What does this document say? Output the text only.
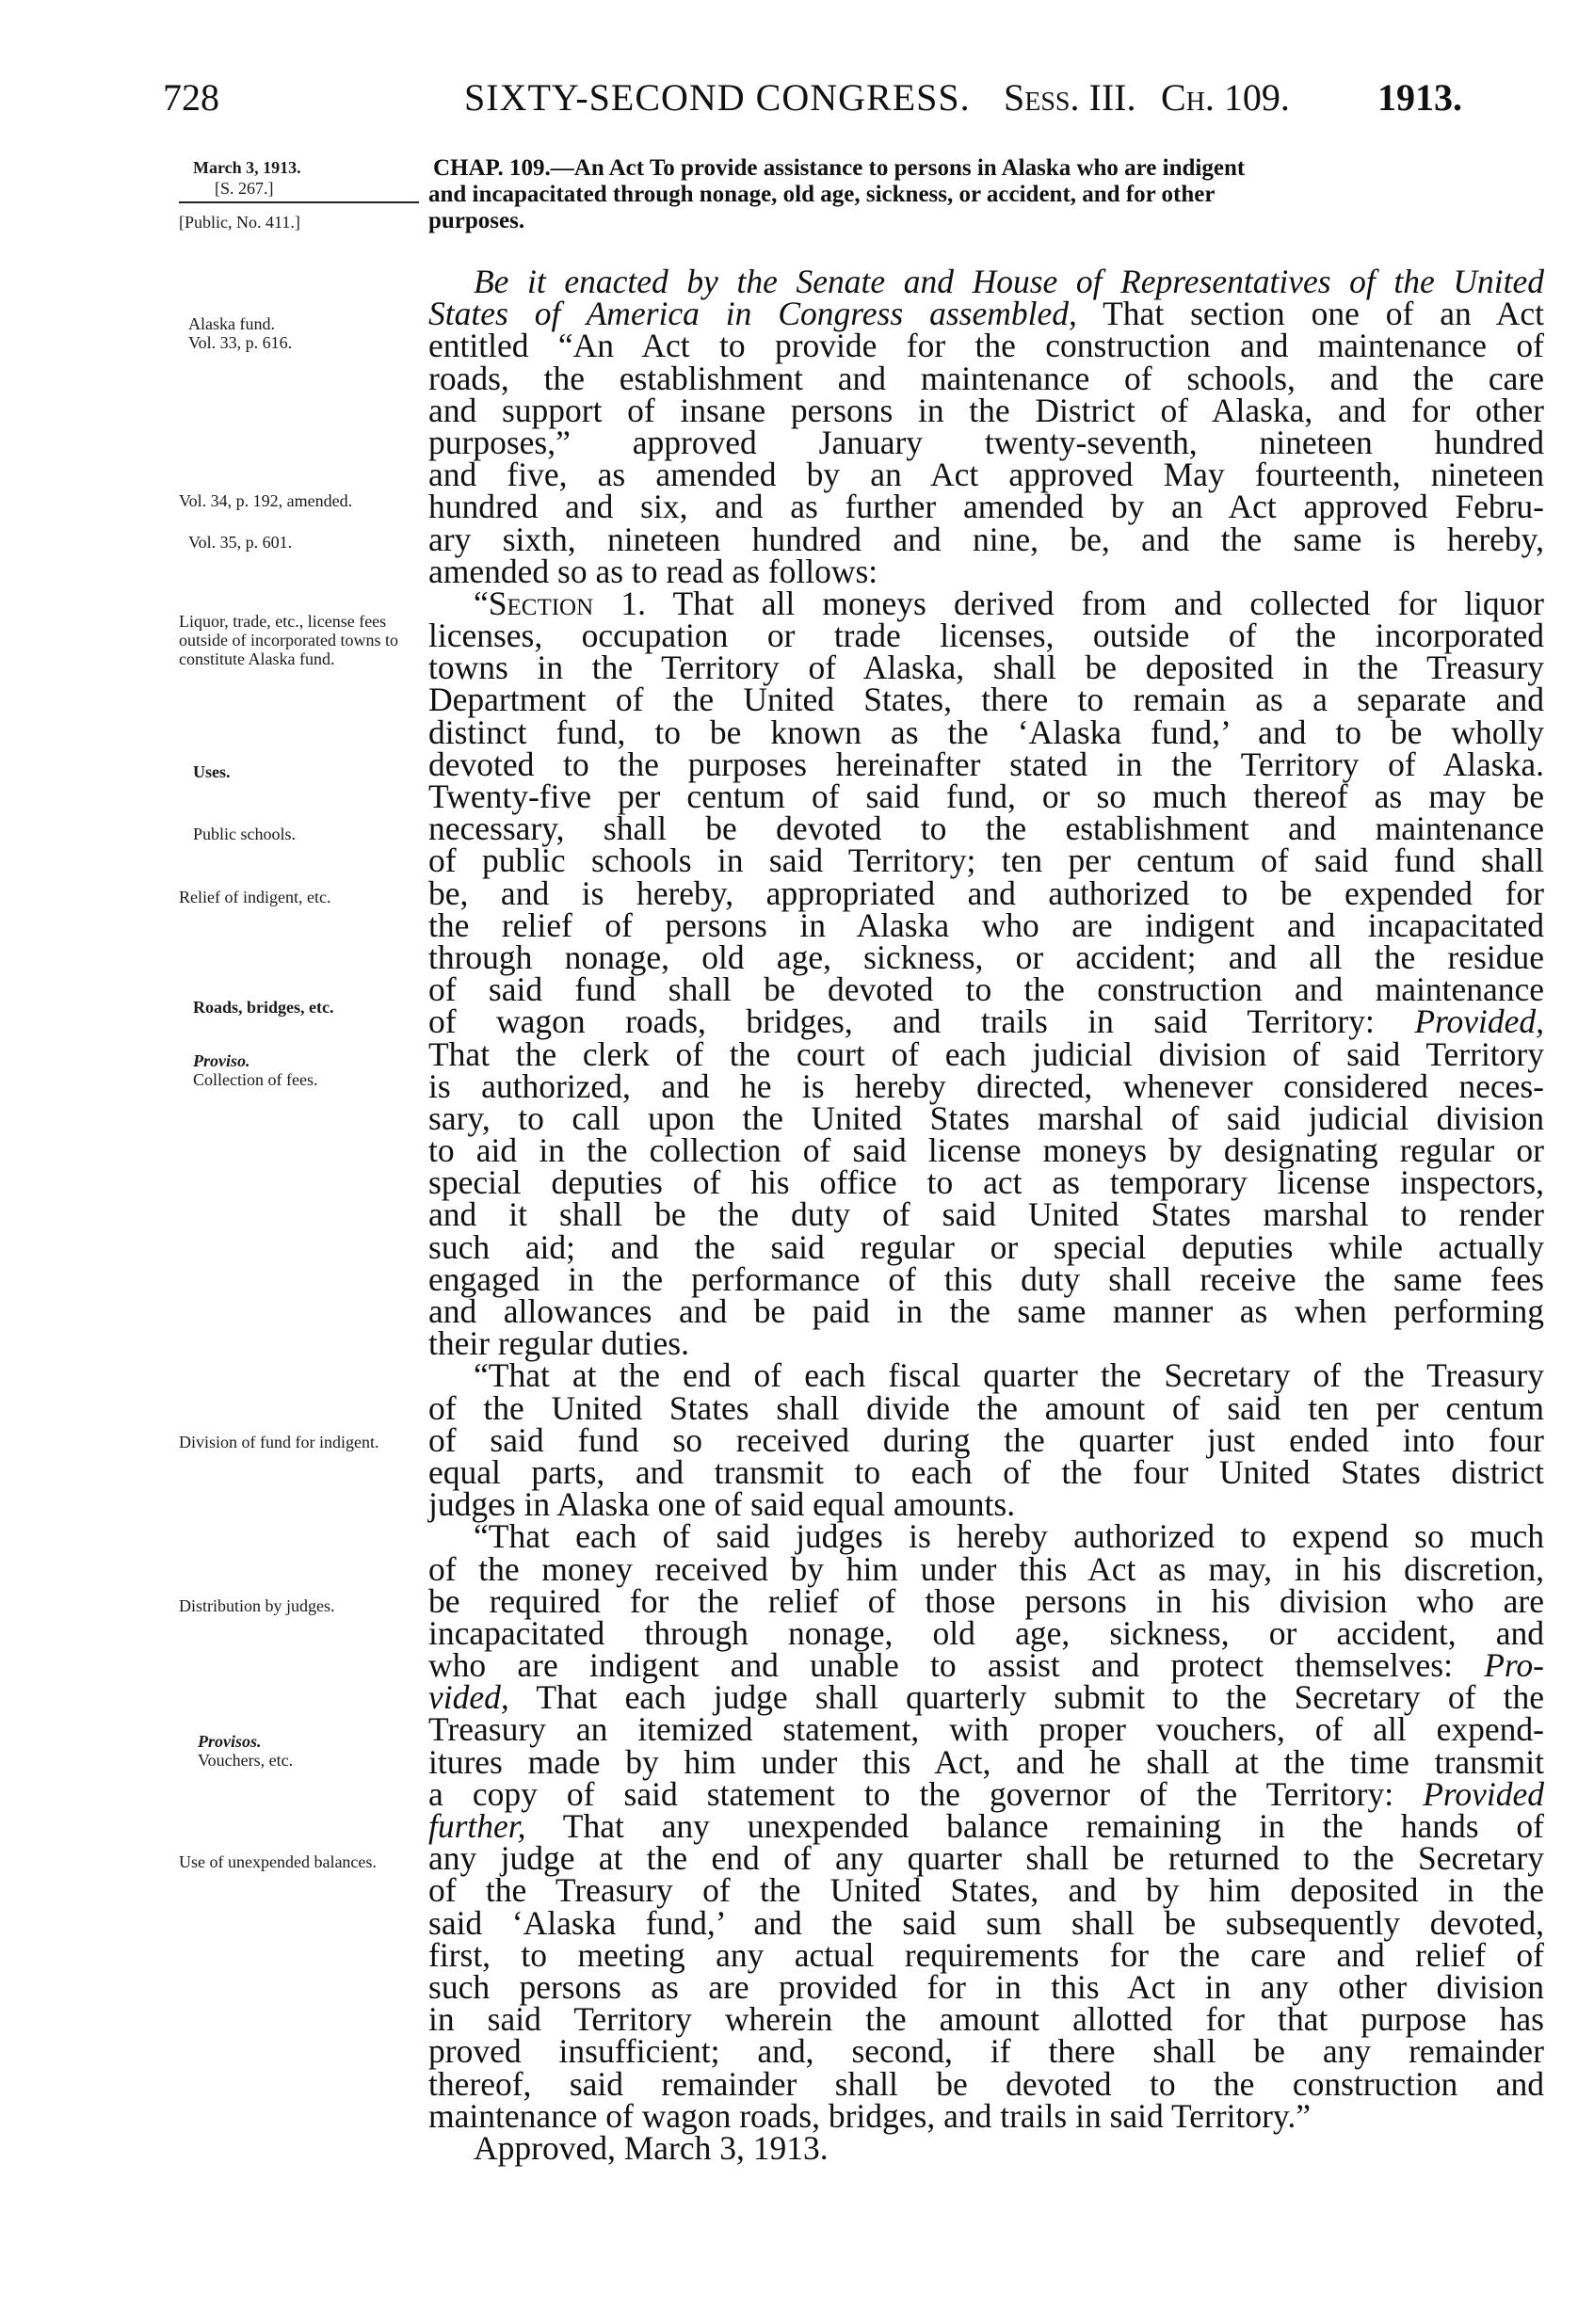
728	SIXTY-SECOND CONGRESS. Sess. III. Ch. 109. 1913.
March 3, 1913.
[S. 267.]
[Public, No. 411.]
Alaska fund.
Vol. 33, p. 616.
Vol. 34, p. 192, amended.
Vol. 35, p. 601.
Liquor, trade, etc., license fees outside of incorporated towns to constitute Alaska fund.
Uses.
Public schools.
Relief of indigent, etc.
Roads, bridges, etc.
Proviso.
Collection of fees.
Division of fund for indigent.
Distribution by judges.
Provisos.
Vouchers, etc.
Use of unexpended balances.
CHAP. 109.—An Act To provide assistance to persons in Alaska who are indigent
and incapacitated through nonage, old age, sickness, or accident, and for other
purposes.
Be it enacted by the Senate and House of Representatives of the United
States of America in Congress assembled, That section one of an Act
entitled “An Act to provide for the construction and maintenance of
roads, the establishment and maintenance of schools, and the care
and support of insane persons in the District of Alaska, and for other
purposes,” approved January twenty-seventh, nineteen hundred
and five, as amended by an Act approved May fourteenth, nineteen
hundred and six, and as further amended by an Act approved Febru-
ary sixth, nineteen hundred and nine, be, and the same is hereby,
amended so as to read as follows:
“Section 1. That all moneys derived from and collected for liquor
licenses, occupation or trade licenses, outside of the incorporated
towns in the Territory of Alaska, shall be deposited in the Treasury
Department of the United States, there to remain as a separate and
distinct fund, to be known as the ‘Alaska fund,’ and to be wholly
devoted to the purposes hereinafter stated in the Territory of Alaska.
Twenty-five per centum of said fund, or so much thereof as may be
necessary, shall be devoted to the establishment and maintenance
of public schools in said Territory; ten per centum of said fund shall
be, and is hereby, appropriated and authorized to be expended for
the relief of persons in Alaska who are indigent and incapacitated
through nonage, old age, sickness, or accident; and all the residue
of said fund shall be devoted to the construction and maintenance
of wagon roads, bridges, and trails in said Territory: Provided,
That the clerk of the court of each judicial division of said Territory
is authorized, and he is hereby directed, whenever considered neces-
sary, to call upon the United States marshal of said judicial division
to aid in the collection of said license moneys by designating regular or
special deputies of his office to act as temporary license inspectors,
and it shall be the duty of said United States marshal to render
such aid; and the said regular or special deputies while actually
engaged in the performance of this duty shall receive the same fees
and allowances and be paid in the same manner as when performing
their regular duties.
“That at the end of each fiscal quarter the Secretary of the Treasury
of the United States shall divide the amount of said ten per centum
of said fund so received during the quarter just ended into four
equal parts, and transmit to each of the four United States district
judges in Alaska one of said equal amounts.
“That each of said judges is hereby authorized to expend so much
of the money received by him under this Act as may, in his discretion,
be required for the relief of those persons in his division who are
incapacitated through nonage, old age, sickness, or accident, and
who are indigent and unable to assist and protect themselves: Pro-
vided, That each judge shall quarterly submit to the Secretary of the
Treasury an itemized statement, with proper vouchers, of all expend-
itures made by him under this Act, and he shall at the time transmit
a copy of said statement to the governor of the Territory: Provided
further, That any unexpended balance remaining in the hands of
any judge at the end of any quarter shall be returned to the Secretary
of the Treasury of the United States, and by him deposited in the
said ‘Alaska fund,’ and the said sum shall be subsequently devoted,
first, to meeting any actual requirements for the care and relief of
such persons as are provided for in this Act in any other division
in said Territory wherein the amount allotted for that purpose has
proved insufficient; and, second, if there shall be any remainder
thereof, said remainder shall be devoted to the construction and
maintenance of wagon roads, bridges, and trails in said Territory.”
Approved, March 3, 1913.
